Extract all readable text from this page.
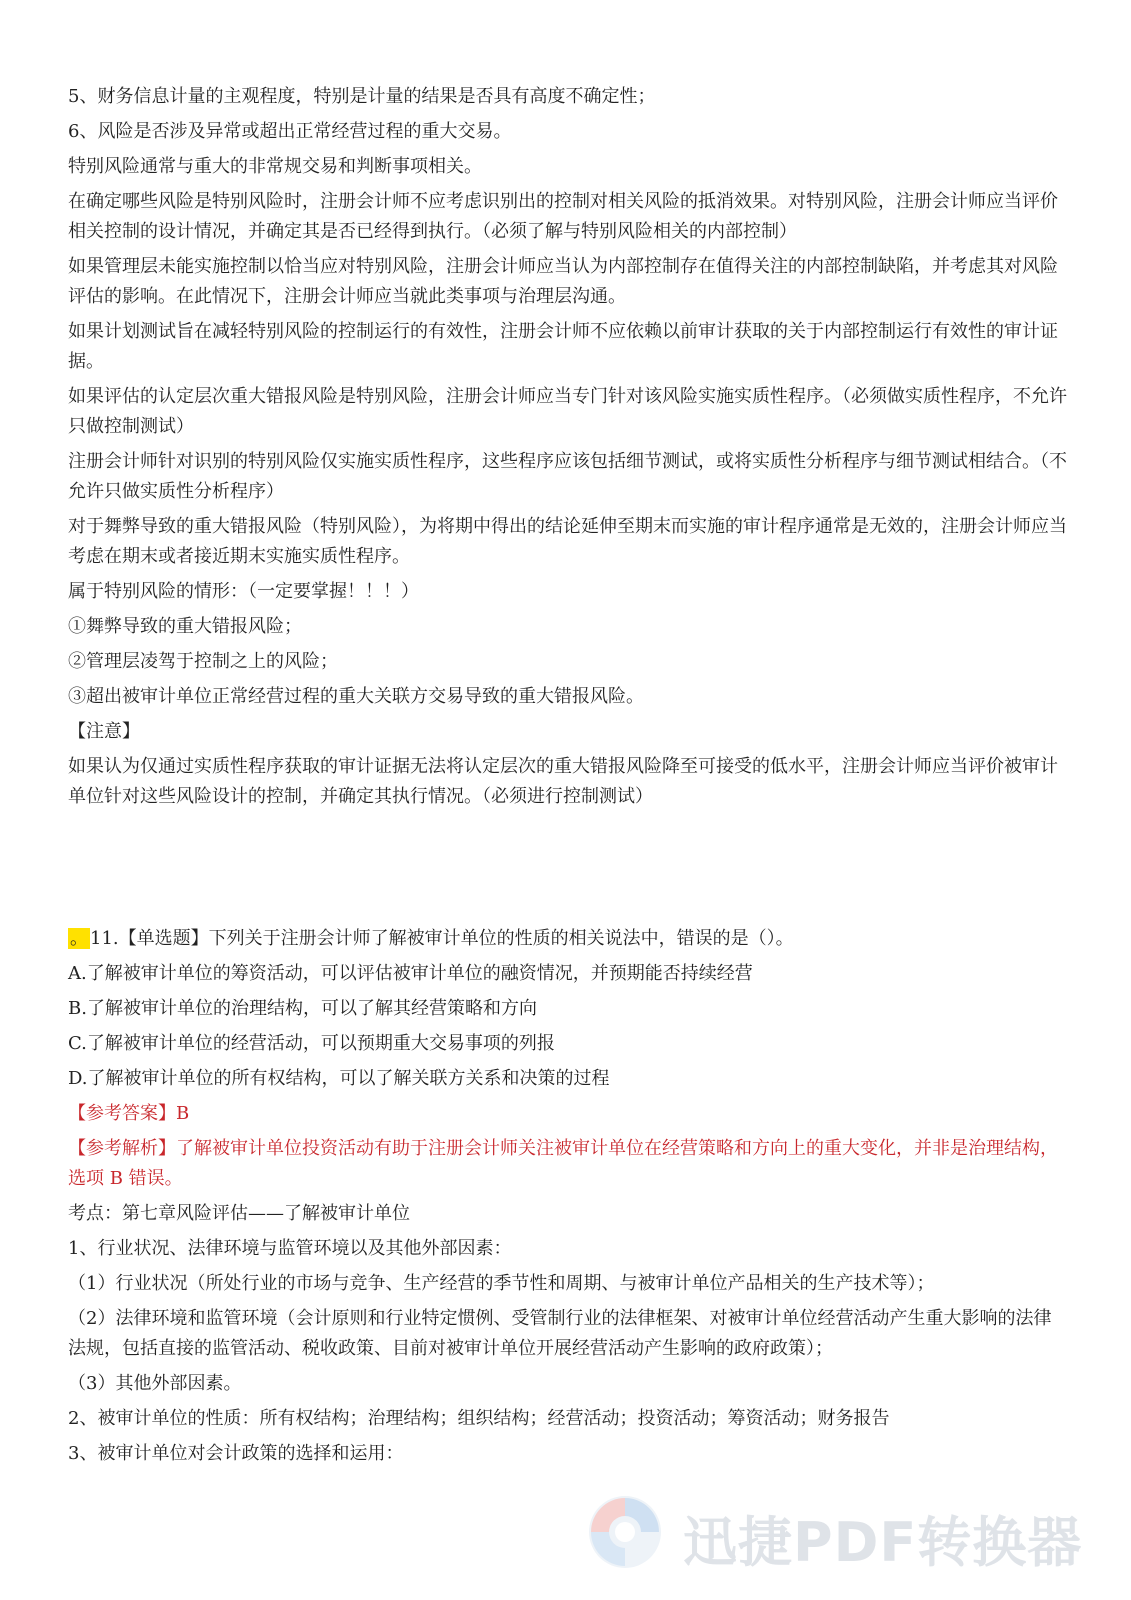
5、财务信息计量的主观程度，特别是计量的结果是否具有高度不确定性；

6、风险是否涉及异常或超出正常经营过程的重大交易。

特别风险通常与重大的非常规交易和判断事项相关。

在确定哪些风险是特别风险时，注册会计师不应考虑识别出的控制对相关风险的抵消效果。对特别风险，注册会计师应当评价相关控制的设计情况，并确定其是否已经得到执行。（必须了解与特别风险相关的内部控制）

如果管理层未能实施控制以恰当应对特别风险，注册会计师应当认为内部控制存在值得关注的内部控制缺陷，并考虑其对风险评估的影响。在此情况下，注册会计师应当就此类事项与治理层沟通。

如果计划测试旨在减轻特别风险的控制运行的有效性，注册会计师不应依赖以前审计获取的关于内部控制运行有效性的审计证据。

如果评估的认定层次重大错报风险是特别风险，注册会计师应当专门针对该风险实施实质性程序。（必须做实质性程序，不允许只做控制测试）

注册会计师针对识别的特别风险仅实施实质性程序，这些程序应该包括细节测试，或将实质性分析程序与细节测试相结合。（不允许只做实质性分析程序）

对于舞弊导致的重大错报风险（特别风险），为将期中得出的结论延伸至期末而实施的审计程序通常是无效的，注册会计师应当考虑在期末或者接近期末实施实质性程序。

属于特别风险的情形：（一定要掌握！！！）

①舞弊导致的重大错报风险；

②管理层凌驾于控制之上的风险；

③超出被审计单位正常经营过程的重大关联方交易导致的重大错报风险。

【注意】

如果认为仅通过实质性程序获取的审计证据无法将认定层次的重大错报风险降至可接受的低水平，注册会计师应当评价被审计单位针对这些风险设计的控制，并确定其执行情况。（必须进行控制测试）

。 11.【单选题】下列关于注册会计师了解被审计单位的性质的相关说法中，错误的是（）。

A.了解被审计单位的筹资活动，可以评估被审计单位的融资情况，并预期能否持续经营

B.了解被审计单位的治理结构，可以了解其经营策略和方向

C.了解被审计单位的经营活动，可以预期重大交易事项的列报

D.了解被审计单位的所有权结构，可以了解关联方关系和决策的过程

【参考答案】B

【参考解析】了解被审计单位投资活动有助于注册会计师关注被审计单位在经营策略和方向上的重大变化，并非是治理结构，选项 B 错误。

考点：第七章风险评估——了解被审计单位

1、行业状况、法律环境与监管环境以及其他外部因素：

（1）行业状况（所处行业的市场与竞争、生产经营的季节性和周期、与被审计单位产品相关的生产技术等）；

（2）法律环境和监管环境（会计原则和行业特定惯例、受管制行业的法律框架、对被审计单位经营活动产生重大影响的法律法规，包括直接的监管活动、税收政策、目前对被审计单位开展经营活动产生影响的政府政策）；

（3）其他外部因素。

2、被审计单位的性质：所有权结构；治理结构；组织结构；经营活动；投资活动；筹资活动；财务报告

3、被审计单位对会计政策的选择和运用：

迅捷PDF转换器
